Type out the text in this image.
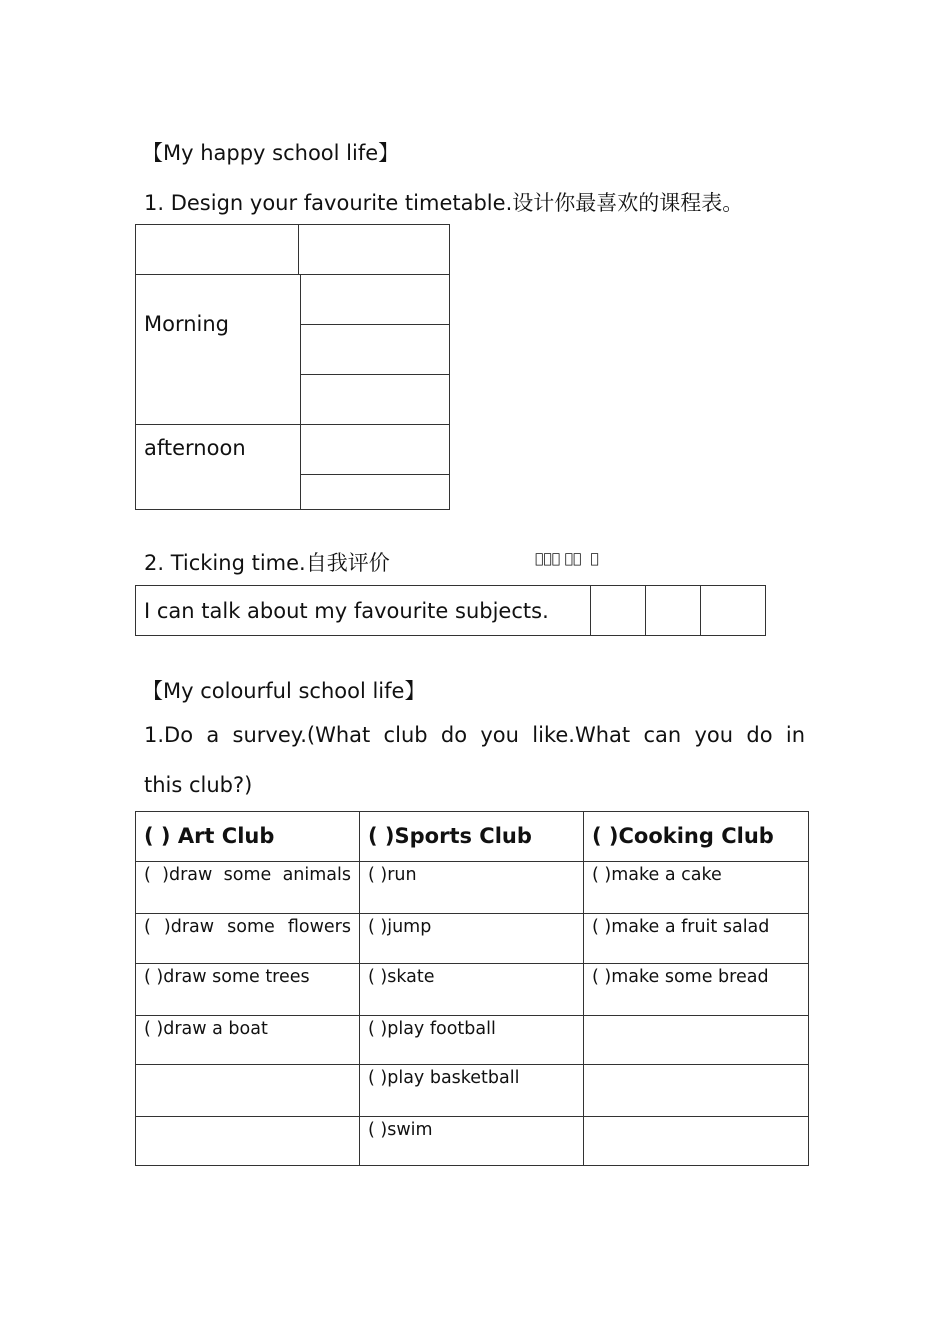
【My happy school life】
1. Design your favourite timetable.设计你最喜欢的课程表。
Morning
afternoon
2. Ticking time.自我评价	         
I can talk about my favourite subjects.			
【My colourful school life】
1.Do a survey.(What club do you like.What can you do in
this club?)
( ) Art Club	( )Sports Club	( )Cooking Club
( )draw some animals	( )run	( )make a cake
( )draw some flowers	( )jump	( )make a fruit salad
( )draw some trees	( )skate	( )make some bread
( )draw a boat	( )play football	
	( )play basketball	
	( )swim	
